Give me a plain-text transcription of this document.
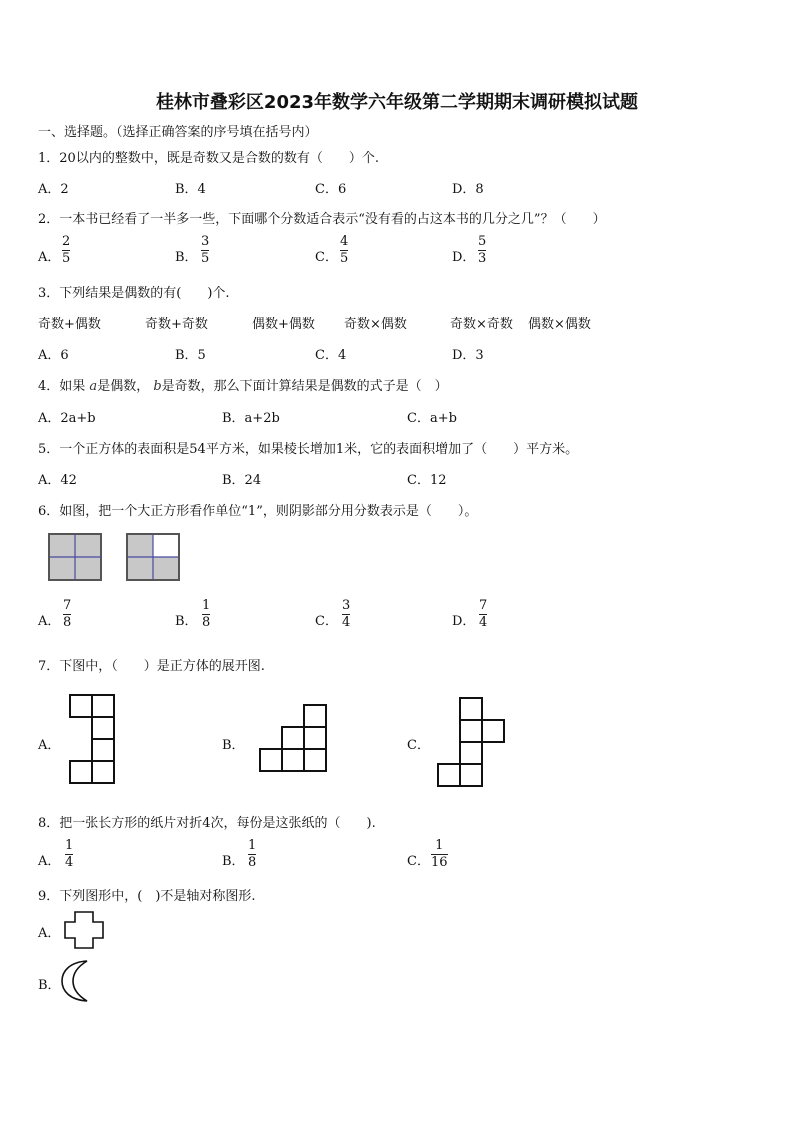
桂林市叠彩区2023年数学六年级第二学期期末调研模拟试题
一、选择题。（选择正确答案的序号填在括号内）
1．20以内的整数中，既是奇数又是合数的数有（　　）个.
A．2	B．4	C．6	D．8
2．一本书已经看了一半多一些，下面哪个分数适合表示“没有看的占这本书的几分之几”？（　　）
A．
2
5	B．
3
5	C．
4
5	D．
5
3
3．下列结果是偶数的有(　　)个.
奇数+偶数	奇数+奇数	偶数+偶数 奇数×偶数	奇数×奇数 偶数×偶数
A．6	B．5	C．4	D．3
4．如果 a是偶数， b是奇数，那么下面计算结果是偶数的式子是（　）
A．2a+b	B．a+2b	C．a+b
5．一个正方体的表面积是54平方米，如果棱长增加1米，它的表面积增加了（　　）平方米。
A．42	B．24	C．12
6．如图，把一个大正方形看作单位“1”，则阴影部分用分数表示是（　　）。
A．
7
8	B．
1
8	C．
3
4	D．
7
4
7．下图中，（　　）是正方体的展开图.
A．	B．	C．
8．把一张长方形的纸片对折4次，每份是这张纸的（　　).
A．
1
4	B．
1
8	C．
1
16
9．下列图形中，(　)不是轴对称图形.
A．
B．
